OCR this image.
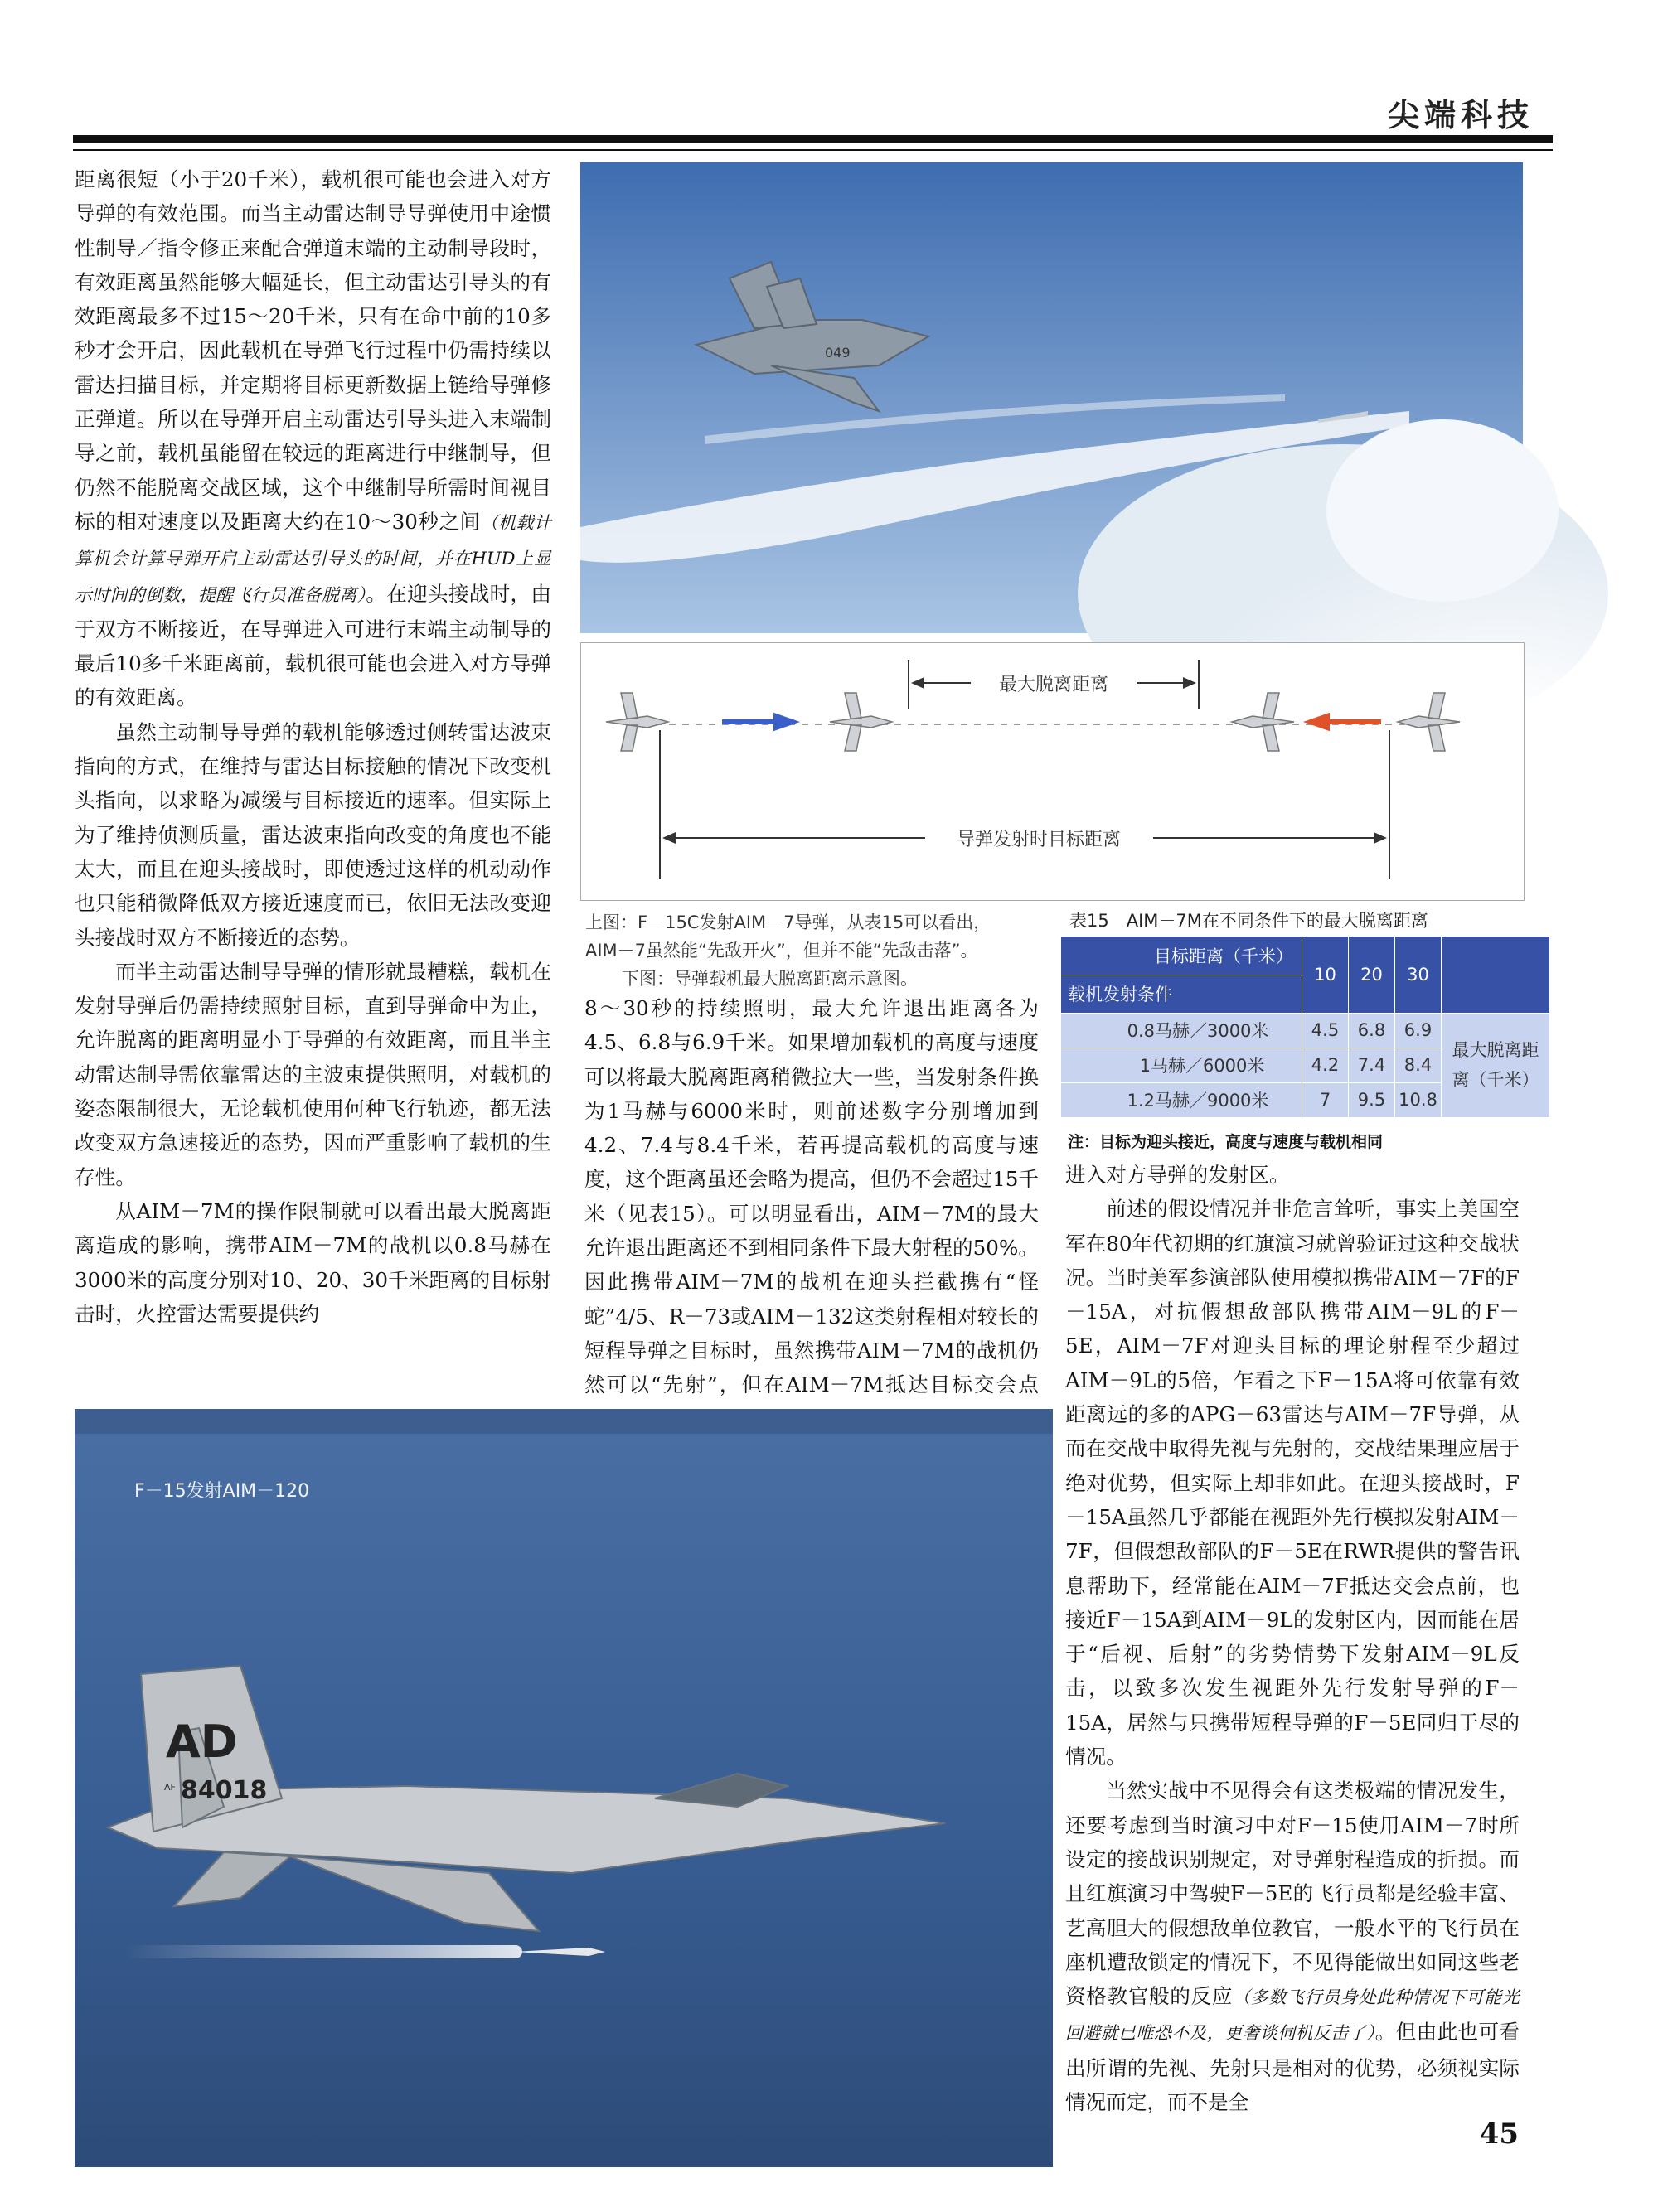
尖端科技

距离很短（小于20千米），载机很可能也会进入对方导弹的有效范围。而当主动雷达制导导弹使用中途惯性制导／指令修正来配合弹道末端的主动制导段时，有效距离虽然能够大幅延长，但主动雷达引导头的有效距离最多不过15～20千米，只有在命中前的10多秒才会开启，因此载机在导弹飞行过程中仍需持续以雷达扫描目标，并定期将目标更新数据上链给导弹修正弹道。所以在导弹开启主动雷达引导头进入末端制导之前，载机虽能留在较远的距离进行中继制导，但仍然不能脱离交战区域，这个中继制导所需时间视目标的相对速度以及距离大约在10～30秒之间（机载计算机会计算导弹开启主动雷达引导头的时间，并在HUD上显示时间的倒数，提醒飞行员准备脱离）。在迎头接战时，由于双方不断接近，在导弹进入可进行末端主动制导的最后10多千米距离前，载机很可能也会进入对方导弹的有效距离。

虽然主动制导导弹的载机能够透过侧转雷达波束指向的方式，在维持与雷达目标接触的情况下改变机头指向，以求略为减缓与目标接近的速率。但实际上为了维持侦测质量，雷达波束指向改变的角度也不能太大，而且在迎头接战时，即使透过这样的机动动作也只能稍微降低双方接近速度而已，依旧无法改变迎头接战时双方不断接近的态势。

而半主动雷达制导导弹的情形就最糟糕，载机在发射导弹后仍需持续照射目标，直到导弹命中为止，允许脱离的距离明显小于导弹的有效距离，而且半主动雷达制导需依靠雷达的主波束提供照明，对载机的姿态限制很大，无论载机使用何种飞行轨迹，都无法改变双方急速接近的态势，因而严重影响了载机的生存性。

从AIM－7M的操作限制就可以看出最大脱离距离造成的影响，携带AIM－7M的战机以0.8马赫在3000米的高度分别对10、20、30千米距离的目标射击时，火控雷达需要提供约

049
最大脱离距离
导弹发射时目标距离
上图：F－15C发射AIM－7导弹，从表15可以看出，
AIM－7虽然能“先敌开火”，但并不能“先敌击落”。
下图：导弹载机最大脱离距离示意图。
表15　AIM－7M在不同条件下的最大脱离距离
目标距离（千米）	10	20	30	
载机发射条件				
0.8马赫／3000米	4.5	6.8	6.9	最大脱离距离（千米）
1马赫／6000米	4.2	7.4	8.4	
1.2马赫／9000米	7	9.5	10.8	
注：目标为迎头接近，高度与速度与载机相同
8～30秒的持续照明，最大允许退出距离各为4.5、6.8与6.9千米。如果增加载机的高度与速度可以将最大脱离距离稍微拉大一些，当发射条件换为1马赫与6000米时，则前述数字分别增加到4.2、7.4与8.4千米，若再提高载机的高度与速度，这个距离虽还会略为提高，但仍不会超过15千米（见表15）。可以明显看出，AIM－7M的最大允许退出距离还不到相同条件下最大射程的50%。因此携带AIM－7M的战机在迎头拦截携有“怪蛇”4/5、R－73或AIM－132这类射程相对较长的短程导弹之目标时，虽然携带AIM－7M的战机仍然可以“先射”，但在AIM－7M抵达目标交会点

进入对方导弹的发射区。

前述的假设情况并非危言耸听，事实上美国空军在80年代初期的红旗演习就曾验证过这种交战状况。当时美军参演部队使用模拟携带AIM－7F的F－15A，对抗假想敌部队携带AIM－9L的F－5E，AIM－7F对迎头目标的理论射程至少超过AIM－9L的5倍，乍看之下F－15A将可依靠有效距离远的多的APG－63雷达与AIM－7F导弹，从而在交战中取得先视与先射的，交战结果理应居于绝对优势，但实际上却非如此。在迎头接战时，F－15A虽然几乎都能在视距外先行模拟发射AIM－7F，但假想敌部队的F－5E在RWR提供的警告讯息帮助下，经常能在AIM－7F抵达交会点前，也接近F－15A到AIM－9L的发射区内，因而能在居于“后视、后射”的劣势情势下发射AIM－9L反击，以致多次发生视距外先行发射导弹的F－15A，居然与只携带短程导弹的F－5E同归于尽的情况。

当然实战中不见得会有这类极端的情况发生，还要考虑到当时演习中对F－15使用AIM－7时所设定的接战识别规定，对导弹射程造成的折损。而且红旗演习中驾驶F－5E的飞行员都是经验丰富、艺高胆大的假想敌单位教官，一般水平的飞行员在座机遭敌锁定的情况下，不见得能做出如同这些老资格教官般的反应（多数飞行员身处此种情况下可能光回避就已唯恐不及，更奢谈伺机反击了）。但由此也可看出所谓的先视、先射只是相对的优势，必须视实际情况而定，而不是全

AD
AF 84018
F－15发射AIM－120
45
